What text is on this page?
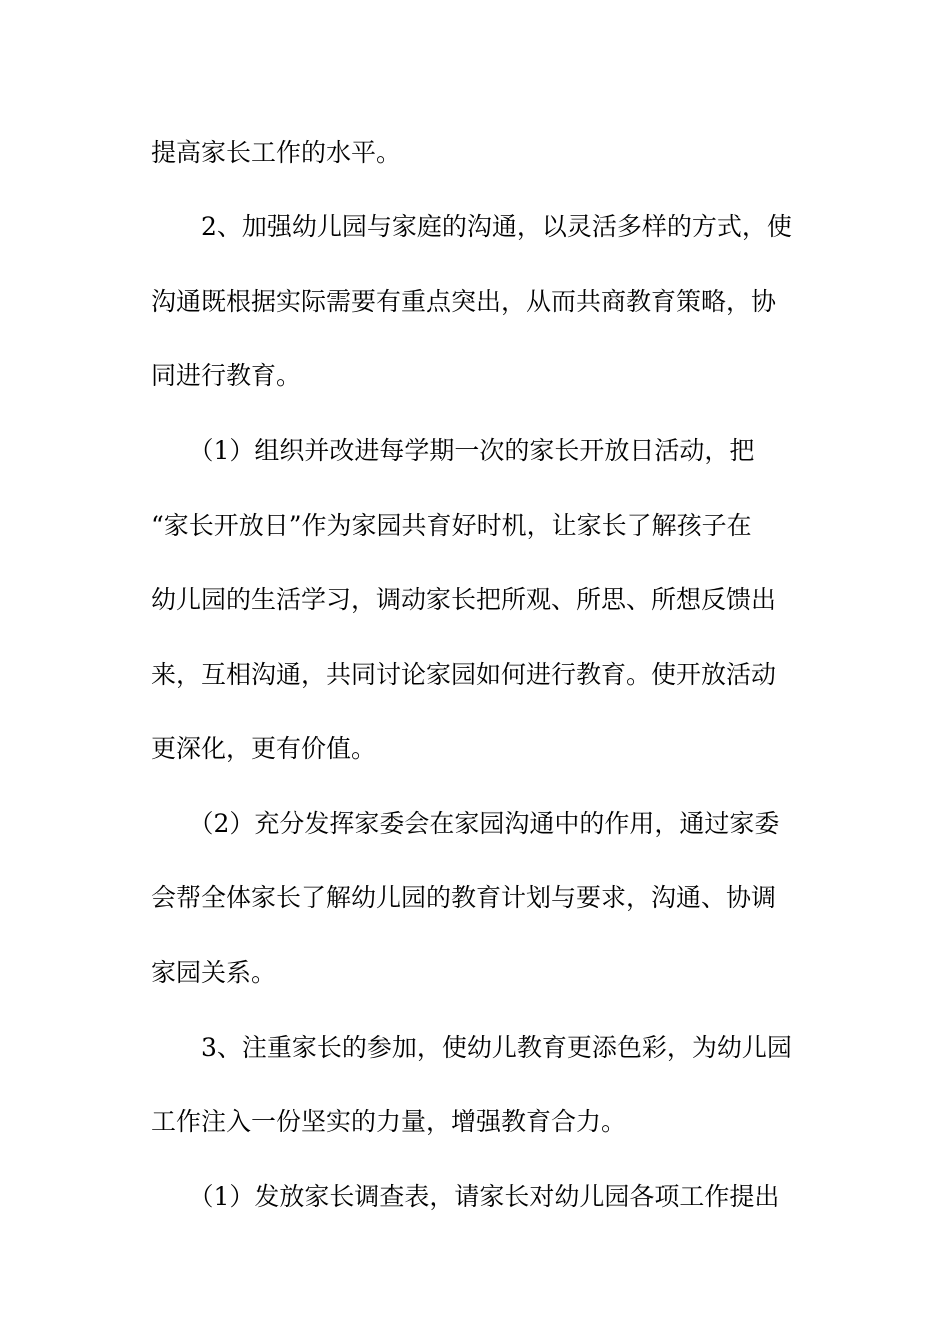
提高家长工作的水平。
　　2、加强幼儿园与家庭的沟通，以灵活多样的方式，使
沟通既根据实际需要有重点突出，从而共商教育策略，协
同进行教育。
　　（1）组织并改进每学期一次的家长开放日活动，把
“家长开放日”作为家园共育好时机，让家长了解孩子在
幼儿园的生活学习，调动家长把所观、所思、所想反馈出
来，互相沟通，共同讨论家园如何进行教育。使开放活动
更深化，更有价值。
　　（2）充分发挥家委会在家园沟通中的作用，通过家委
会帮全体家长了解幼儿园的教育计划与要求，沟通、协调
家园关系。
　　3、注重家长的参加，使幼儿教育更添色彩，为幼儿园
工作注入一份坚实的力量，增强教育合力。
　　（1）发放家长调查表，请家长对幼儿园各项工作提出
